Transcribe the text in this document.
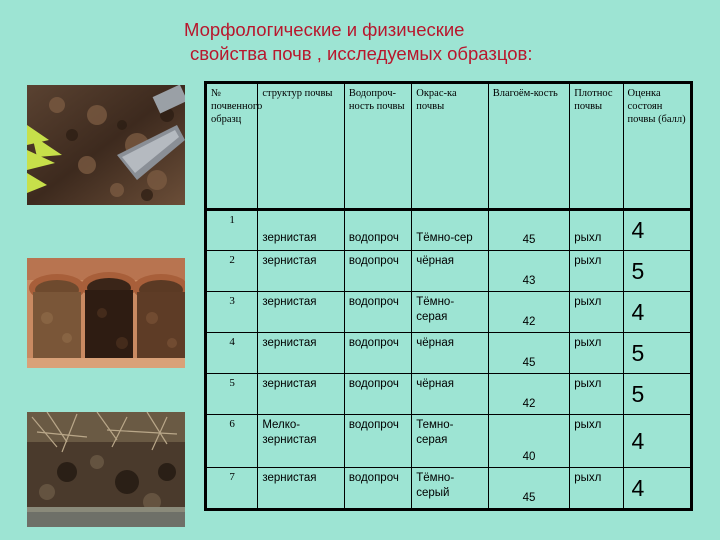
Морфологические и физические

свойства почв , исследуемых образцов:
№ почвенного образц	структур почвы	Водопроч-ность почвы	Окрас-ка почвы	Влагоём-кость	Плотнос почвы	Оценка состоян почвы (балл)
1	зернистая	водопроч	Тёмно-сер	45	рыхл	4
2	зернистая	водопроч	чёрная	43	рыхл	5
3	зернистая	водопроч	Тёмно-серая	42	рыхл	4
4	зернистая	водопроч	чёрная	45	рыхл	5
5	зернистая	водопроч	чёрная	42	рыхл	5
6	Мелко-зернистая	водопроч	Темно-серая	40	рыхл	4
7	зернистая	водопроч	Тёмно-серый	45	рыхл	4
